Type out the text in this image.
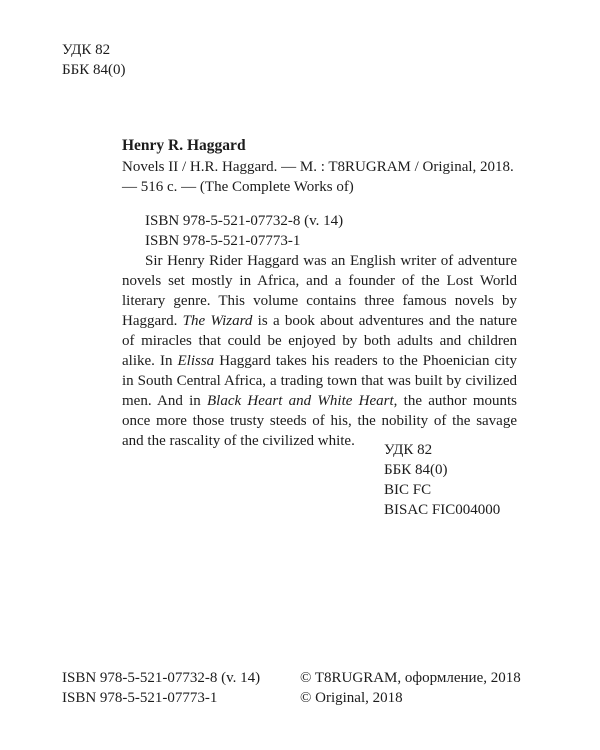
УДК 82
ББК 84(0)
Henry R. Haggard
Novels II / H.R. Haggard. — M. : T8RUGRAM / Original, 2018. — 516 c. — (The Complete Works of)
ISBN 978-5-521-07732-8 (v. 14)
ISBN 978-5-521-07773-1
Sir Henry Rider Haggard was an English writer of adventure novels set mostly in Africa, and a founder of the Lost World literary genre. This volume contains three famous novels by Haggard. The Wizard is a book about adventures and the nature of miracles that could be enjoyed by both adults and children alike. In Elissa Haggard takes his readers to the Phoenician city in South Central Africa, a trading town that was built by civilized men. And in Black Heart and White Heart, the author mounts once more those trusty steeds of his, the nobility of the savage and the rascality of the civilized white.
УДК 82
ББК 84(0)
BIC FC
BISAC FIC004000
ISBN 978-5-521-07732-8 (v. 14)
ISBN 978-5-521-07773-1
© T8RUGRAM, оформление, 2018
© Original, 2018
